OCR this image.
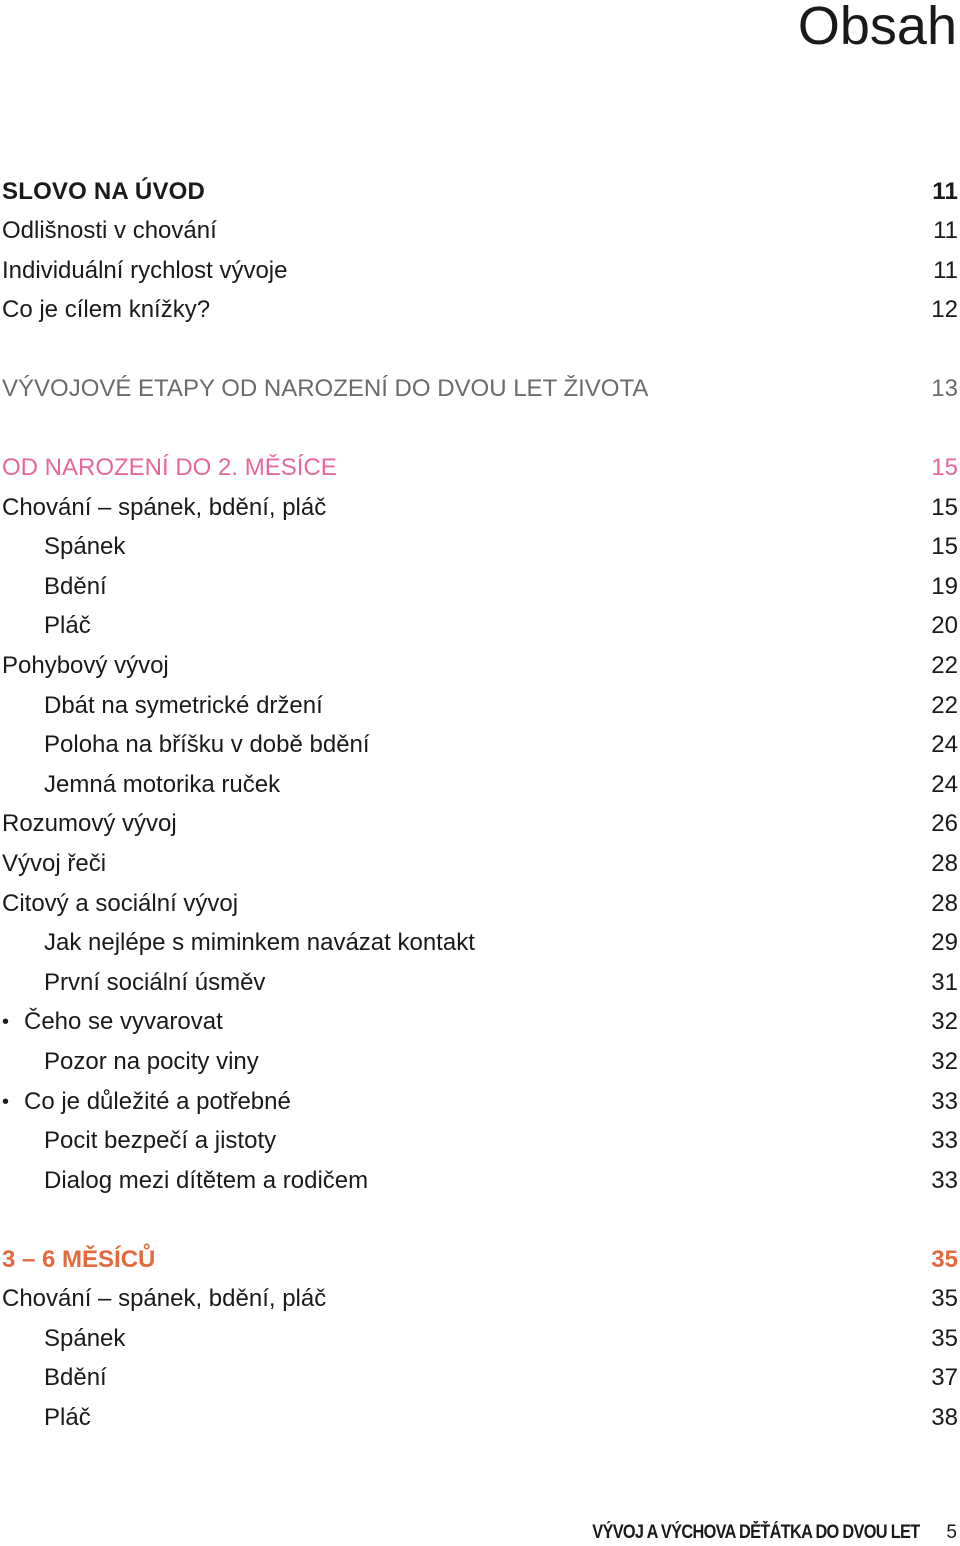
Obsah
SLOVO NA ÚVOD	11
Odlišnosti v chování	11
Individuální rychlost vývoje	11
Co je cílem knížky?	12
VÝVOJOVÉ ETAPY OD NAROZENÍ DO DVOU LET ŽIVOTA	13
OD NAROZENÍ DO 2. MĚSÍCE	15
Chování – spánek, bdění, pláč	15
Spánek	15
Bdění	19
Pláč	20
Pohybový vývoj	22
Dbát na symetrické držení	22
Poloha na bříšku v době bdění	24
Jemná motorika ruček	24
Rozumový vývoj	26
Vývoj řeči	28
Citový a sociální vývoj	28
Jak nejlépe s miminkem navázat kontakt	29
První sociální úsměv	31
• Čeho se vyvarovat	32
Pozor na pocity viny	32
• Co je důležité a potřebné	33
Pocit bezpečí a jistoty	33
Dialog mezi dítětem a rodičem	33
3 – 6 MĚSÍCŮ	35
Chování – spánek, bdění, pláč	35
Spánek	35
Bdění	37
Pláč	38
VÝVOJ A VÝCHOVA DĚŤÁTKA DO DVOU LET 5
